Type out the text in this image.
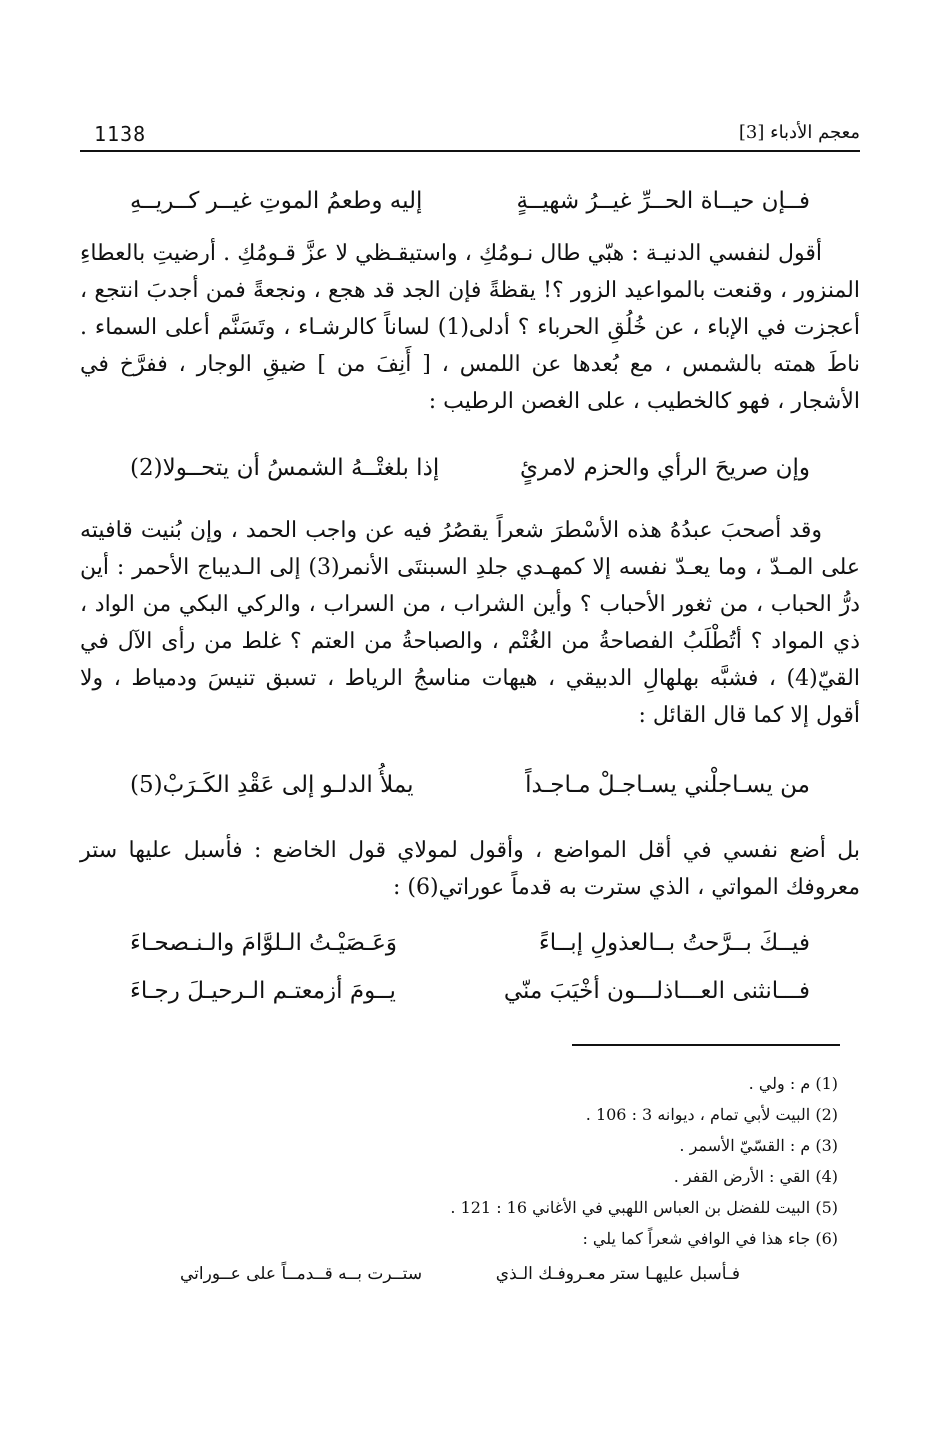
1138	معجم الأدباء [3]
فــإن حيــاة الحــرِّ غيــرُ شهيــةٍ
إليه وطعمُ الموتِ غيــر كــريــهِ

أقول لنفسي الدنيـة : هبّي طال نـومُكِ ، واستيقـظي لا عزَّ قـومُكِ . أرضيتِ بالعطاءِ المنزور ، وقنعت بالمواعيد الزور ؟! يقظةً فإن الجد قد هجع ، ونجعةً فمن أجدبَ انتجع ، أعجزت في الإباء ، عن خُلُقِ الحرباء ؟ أدلى(1) لساناً كالرشـاء ، وتَسَنَّم أعلى السماء . ناطَ همته بالشمس ، مع بُعدها عن اللمس ، [ أَنِفَ من ] ضيقِ الوجار ، ففرَّخ في الأشجار ، فهو كالخطيب ، على الغصن الرطيب :

وإن صريحَ الرأي والحزم لامرئٍ
إذا بلغتْــهُ الشمسُ أن يتحــولا(2)

وقد أصحبَ عبدُهُ هذه الأسْطرَ شعراً يقصُرُ فيه عن واجب الحمد ، وإن بُنيت قافيته على المـدّ ، وما يعـدّ نفسه إلا كمهـدي جلدِ السبنتَى الأنمر(3) إلى الـديباج الأحمر : أين درُّ الحباب ، من ثغور الأحباب ؟ وأين الشراب ، من السراب ، والركي البكي من الواد ، ذي المواد ؟ أتُطْلَبُ الفصاحةُ من الغُتْم ، والصباحةُ من العتم ؟ غلط من رأى الآل في القيّ(4) ، فشبَّه بهلهالِ الدبيقي ، هيهات مناسجُ الرياط ، تسبق تنيسَ ودمياط ، ولا أقول إلا كما قال القائل :

من يسـاجلْني يسـاجـلْ مـاجـداً
يملأُ الدلـو إلى عَقْدِ الكَـرَبْ(5)

بل أضع نفسي في أقل المواضع ، وأقول لمولاي قول الخاضع : فأسبل عليها ستر معروفك المواتي ، الذي سترت به قدماً عوراتي(6) :

فيــكَ بــرَّحتُ بــالعذولِ إبــاءً
وَعَـصَيْـتُ الـلوَّامَ والـنـصحـاءَ
فـــانثنى العـــاذلـــون أخْيَبَ منّي
يــومَ أزمعتـم الـرحيـلَ رجـاءَ
(1) م : ولي .
(2) البيت لأبي تمام ، ديوانه 3 : 106 .
(3) م : القسّيّ الأسمر .
(4) القي : الأرض القفر .
(5) البيت للفضل بن العباس اللهبي في الأغاني 16 : 121 .
(6) جاء هذا في الوافي شعراً كما يلي :
فـأسبل عليهـا ستر معـروفـك الـذي
ستــرت بــه قــدمــاً على عــوراتي
